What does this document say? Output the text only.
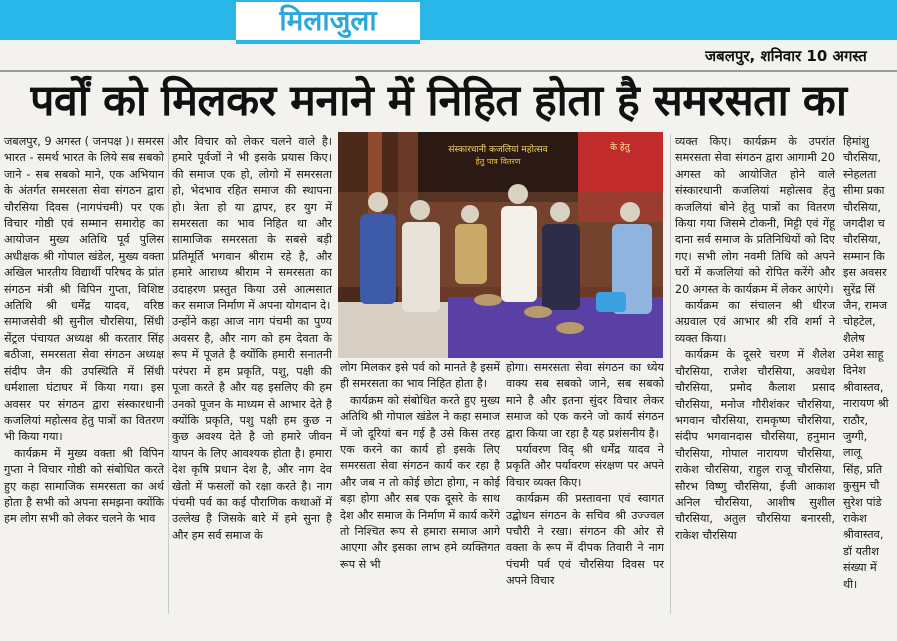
मिलाजुला
जबलपुर, शनिवार 10 अगस्त
पर्वों को मिलकर मनाने में निहित होता है समरसता का

जबलपुर, 9 अगस्त ( जनपक्ष )। समरस भारत - समर्थ भारत के लिये सब सबको जाने - सब सबको माने, एक अभियान के अंतर्गत समरसता सेवा संगठन द्वारा चौरसिया दिवस (नागपंचमी) पर एक विचार गोष्ठी एवं सम्मान समारोह का आयोजन मुख्य अतिथि पूर्व पुलिस अधीक्षक श्री गोपाल खंडेल, मुख्य वक्ता अखिल भारतीय विद्यार्थी परिषद के प्रांत संगठन मंत्री श्री विपिन गुप्ता, विशिष्ट अतिथि श्री धर्मेंद्र यादव, वरिष्ठ समाजसेवी श्री सुनील चौरसिया, सिंधी सेंट्रल पंचायत अध्यक्ष श्री करतार सिंह बठीजा, समरसता सेवा संगठन अध्यक्ष संदीप जैन की उपस्थिति में सिंधी धर्मशाला घंटाघर में किया गया। इस अवसर पर संगठन द्वारा संस्कारधानी कजलियां महोत्सव हेतु पात्रों का वितरण भी किया गया।

कार्यक्रम में मुख्य वक्ता श्री विपिन गुप्ता ने विचार गोष्ठी को संबोधित करते हुए कहा सामाजिक समरसता का अर्थ होता है सभी को अपना समझना क्योंकि हम लोग सभी को लेकर चलने के भाव

और विचार को लेकर चलने वाले है। हमारे पूर्वजों ने भी इसके प्रयास किए। की समाज एक हो, लोगो में समरसता हो, भेदभाव रहित समाज की स्थापना हो। त्रेता हो या द्वापर, हर युग में समरसता का भाव निहित था और सामाजिक समरसता के सबसे बड़ी प्रतिमूर्ति भगवान श्रीराम रहे है, और हमारे आराध्य श्रीराम ने समरसता का उदाहरण प्रस्तुत किया उसे आत्मसात कर समाज निर्माण में अपना योगदान दे।

उन्होंने कहा आज नाग पंचमी का पुण्य अवसर है, और नाग को हम देवता के रूप में पूजते है क्योंकि हमारी सनातनी परंपरा में हम प्रकृति, पशु, पक्षी की पूजा करते है और यह इसलिए की हम उनको पूजन के माध्यम से आभार देते है क्योंकि प्रकृति, पशु पक्षी हम कुछ न कुछ अवश्य देते है जो हमारे जीवन यापन के लिए आवश्यक होता है। हमारा देश कृषि प्रधान देश है, और नाग देव खेतो में फसलों को रक्षा करते है। नाग पंचमी पर्व का कई पौराणिक कथाओं में उल्लेख है जिसके बारे में हमे सुना है और हम सर्व समाज के

संस्कारधानी कजलियां महोत्सव
हेतु पात्र वितरण
के हेतु

लोग मिलकर इसे पर्व को मानते है इसमें ही समरसता का भाव निहित होता है।

कार्यक्रम को संबोधित करते हुए मुख्य अतिथि श्री गोपाल खंडेल ने कहा समाज में जो दूरियां बन गई है उसे किस तरह एक करने का कार्य हो इसके लिए समरसता सेवा संगठन कार्य कर रहा है और जब न तो कोई छोटा होगा, न कोई बड़ा होगा और सब एक दूसरे के साथ देश और समाज के निर्माण में कार्य करेंगे तो निश्चित रूप से हमारा समाज आगे आएगा और इसका लाभ हमे व्यक्तिगत रूप से भी

होगा। समरसता सेवा संगठन का ध्येय वाक्य सब सबको जाने, सब सबको माने है और इतना सुंदर विचार लेकर समाज को एक करने जो कार्य संगठन द्वारा किया जा रहा है यह प्रशंसनीय है।

पर्यावरण विद् श्री धर्मेंद्र यादव ने प्रकृति और पर्यावरण संरक्षण पर अपने विचार व्यक्त किए।

कार्यक्रम की प्रस्तावना एवं स्वागत उद्बोधन संगठन के सचिव श्री उज्ज्वल पचौरी ने रखा। संगठन की ओर से वक्ता के रूप में दीपक तिवारी ने नाग पंचमी पर्व एवं चौरसिया दिवस पर अपने विचार

व्यक्त किए। कार्यक्रम के उपरांत समरसता सेवा संगठन द्वारा आगामी 20 अगस्त को आयोजित होने वाले संस्कारधानी कजलियां महोत्सव हेतु कजलियां बोने हेतु पात्रों का वितरण किया गया जिसमे टोकनी, मिट्टी एवं गेंहू दाना सर्व समाज के प्रतिनिधियों को दिए गए। सभी लोग नवमी तिथि को अपने घरों में कजलियां को रोपित करेंगे और 20 अगस्त के कार्यक्रम में लेकर आएंगे।

कार्यक्रम का संचालन श्री धीरज अग्रवाल एवं आभार श्री रवि शर्मा ने व्यक्त किया।

कार्यक्रम के दूसरे चरण में शैलेश चौरसिया, राजेश चौरसिया, अवधेश चौरसिया, प्रमोद कैलाश प्रसाद चौरसिया, मनोज गौरीशंकर चौरसिया, भगवान चौरसिया, रामकृष्ण चौरसिया, संदीप भगवानदास चौरसिया, हनुमान चौरसिया, गोपाल नारायण चौरसिया, राकेश चौरसिया, राहुल राजू चौरसिया, सौरभ विष्णु चौरसिया, ईजी आकाश अनिल चौरसिया, आशीष सुशील चौरसिया, अतुल चौरसिया बनारसी, राकेश चौरसिया

हिमांशु
चौरसिया,
स्नेहलता
सीमा प्रका
चौरसिया,
जगदीश च
चौरसिया,
सम्मान कि
इस अवसर
सुरेंद्र सिं
जैन, रामज
चोहटेल,
शैलेष
उमेश साहू
दिनेश
श्रीवास्तव,
नारायण श्री
राठौर,
जुग्गी,
लालू
सिंह, प्रति
कुसुम चौ
सुरेश पांडे
राकेश
श्रीवास्तव,
डॉ यतीश
संख्या में
थी।
